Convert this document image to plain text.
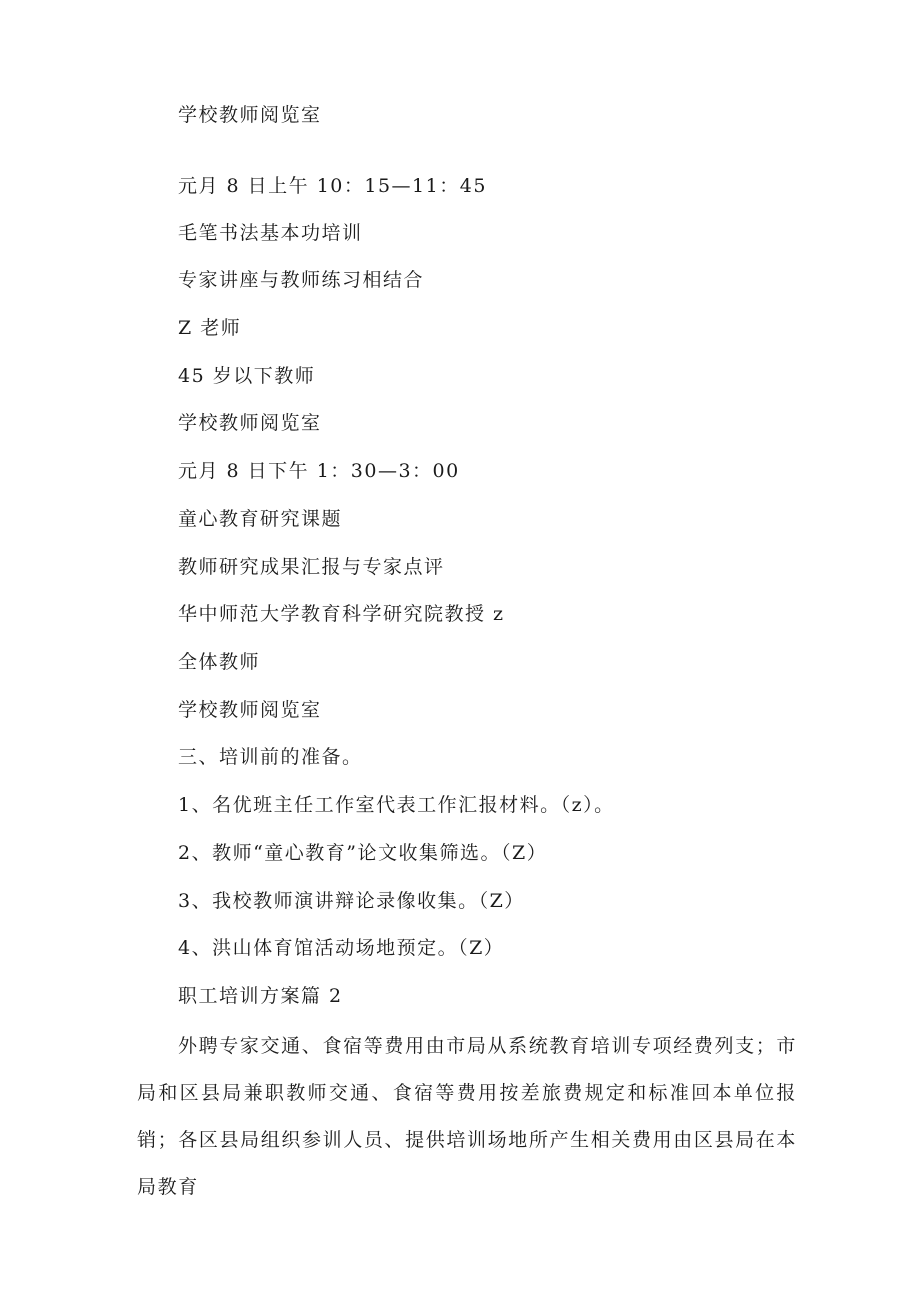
学校教师阅览室
元月 8 日上午 10：15—11：45
毛笔书法基本功培训
专家讲座与教师练习相结合
Z 老师
45 岁以下教师
学校教师阅览室
元月 8 日下午 1：30—3：00
童心教育研究课题
教师研究成果汇报与专家点评
华中师范大学教育科学研究院教授 z
全体教师
学校教师阅览室
三、培训前的准备。
1、名优班主任工作室代表工作汇报材料。（z）。
2、教师“童心教育”论文收集筛选。（Z）
3、我校教师演讲辩论录像收集。（Z）
4、洪山体育馆活动场地预定。（Z）
职工培训方案篇 2
外聘专家交通、食宿等费用由市局从系统教育培训专项经费列支；市局和区县局兼职教师交通、食宿等费用按差旅费规定和标准回本单位报销；各区县局组织参训人员、提供培训场地所产生相关费用由区县局在本局教育
